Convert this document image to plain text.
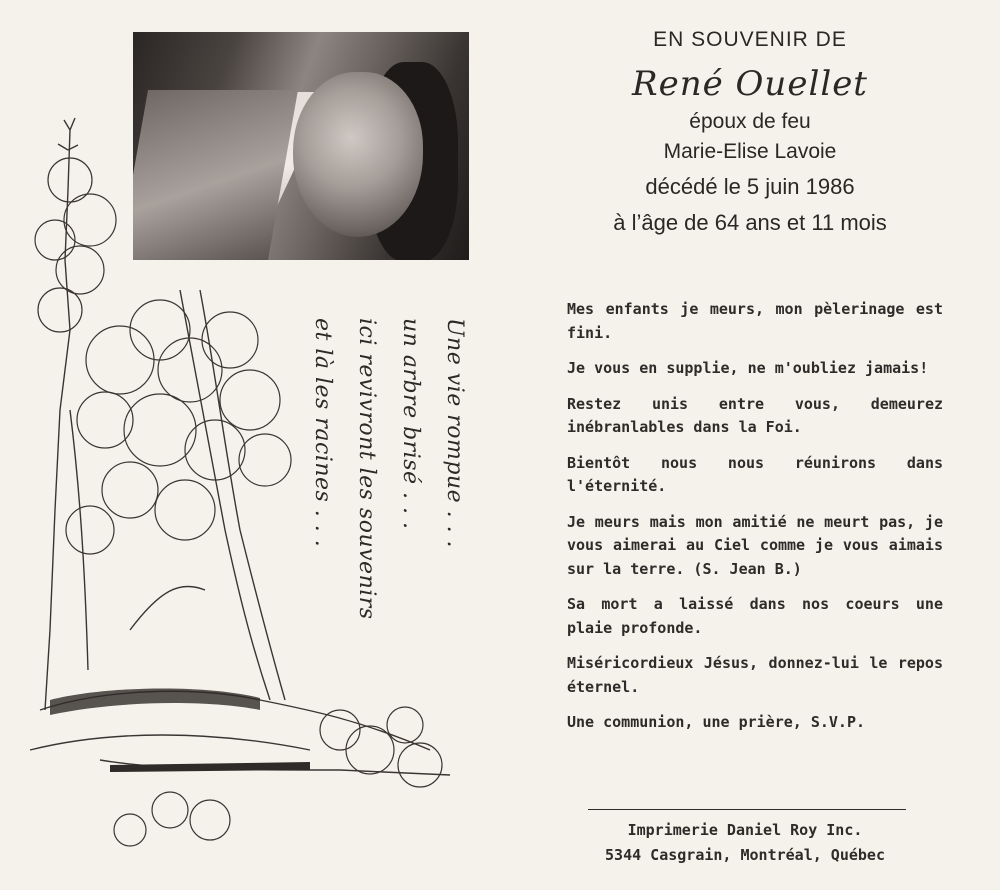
Une vie rompue . . .
un arbre brisé . . .
ici revivront les souvenirs
et là les racines . . .
EN SOUVENIR DE
René Ouellet
époux de feu
Marie-Elise Lavoie
décédé le 5 juin 1986
à l’âge de 64 ans et 11 mois

Mes enfants je meurs, mon pèlerinage est fini.

Je vous en supplie, ne m'oubliez jamais!

Restez unis entre vous, demeurez inébranlables dans la Foi.

Bientôt nous nous réunirons dans l'éternité.

Je meurs mais mon amitié ne meurt pas, je vous aimerai au Ciel comme je vous aimais sur la terre. (S. Jean B.)

Sa mort a laissé dans nos coeurs une plaie profonde.

Miséricordieux Jésus, donnez-lui le repos éternel.

Une communion, une prière, S.V.P.

Imprimerie Daniel Roy Inc.
5344 Casgrain, Montréal, Québec
